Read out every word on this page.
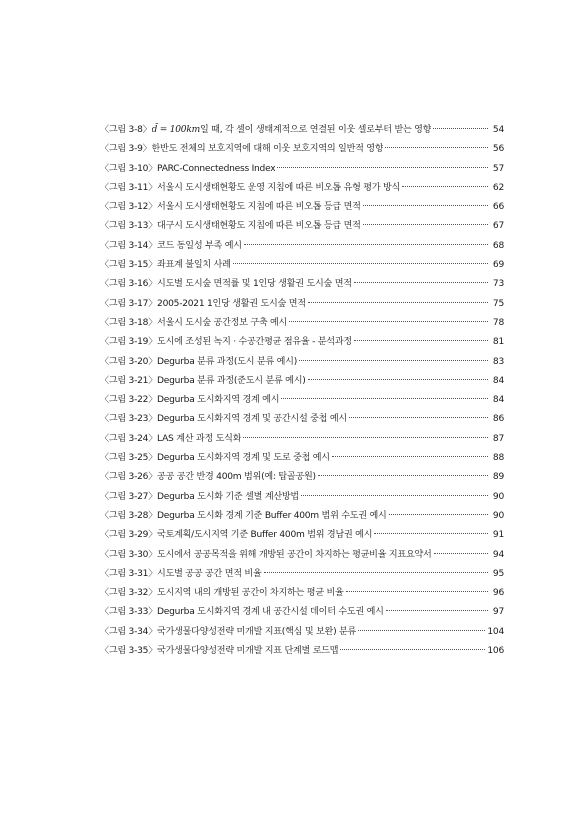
〈그림 3-8〉 d̄ = 100km일 때, 각 셀이 생태계적으로 연결된 이웃 셀로부터 받는 영향	54
〈그림 3-9〉 한반도 전체의 보호지역에 대해 이웃 보호지역의 일반적 영향	56
〈그림 3-10〉 PARC-Connectedness Index	57
〈그림 3-11〉 서울시 도시생태현황도 운영 지침에 따른 비오톱 유형 평가 방식	62
〈그림 3-12〉 서울시 도시생태현황도 지침에 따른 비오톱 등급 면적	66
〈그림 3-13〉 대구시 도시생태현황도 지침에 따른 비오톱 등급 면적	67
〈그림 3-14〉 코드 동일성 부족 예시	68
〈그림 3-15〉 좌표계 불일치 사례	69
〈그림 3-16〉 시도별 도시숲 면적률 및 1인당 생활권 도시숲 면적	73
〈그림 3-17〉 2005-2021 1인당 생활권 도시숲 면적	75
〈그림 3-18〉 서울시 도시숲 공간정보 구축 예시	78
〈그림 3-19〉 도시에 조성된 녹지 · 수공간평균 점유율 - 분석과정	81
〈그림 3-20〉 Degurba 분류 과정(도시 분류 예시)	83
〈그림 3-21〉 Degurba 분류 과정(준도시 분류 예시)	84
〈그림 3-22〉 Degurba 도시화지역 경계 예시	84
〈그림 3-23〉 Degurba 도시화지역 경계 및 공간시설 중첩 예시	86
〈그림 3-24〉 LAS 계산 과정 도식화	87
〈그림 3-25〉 Degurba 도시화지역 경계 및 도로 중첩 예시	88
〈그림 3-26〉 공공 공간 반경 400m 범위(예: 탑골공원)	89
〈그림 3-27〉 Degurba 도시화 기준 셀별 계산방법	90
〈그림 3-28〉 Degurba 도시화 경계 기준 Buffer 400m 범위 수도권 예시	90
〈그림 3-29〉 국토계획/도시지역 기준 Buffer 400m 범위 경남권 예시	91
〈그림 3-30〉 도시에서 공공목적을 위해 개방된 공간이 차지하는 평균비율 지표요약서	94
〈그림 3-31〉 시도별 공공 공간 면적 비율	95
〈그림 3-32〉 도시지역 내의 개방된 공간이 차지하는 평균 비율	96
〈그림 3-33〉 Degurba 도시화지역 경계 내 공간시설 데이터 수도권 예시	97
〈그림 3-34〉 국가생물다양성전략 미개발 지표(핵심 및 보완) 분류	104
〈그림 3-35〉 국가생물다양성전략 미개발 지표 단계별 로드맵	106
